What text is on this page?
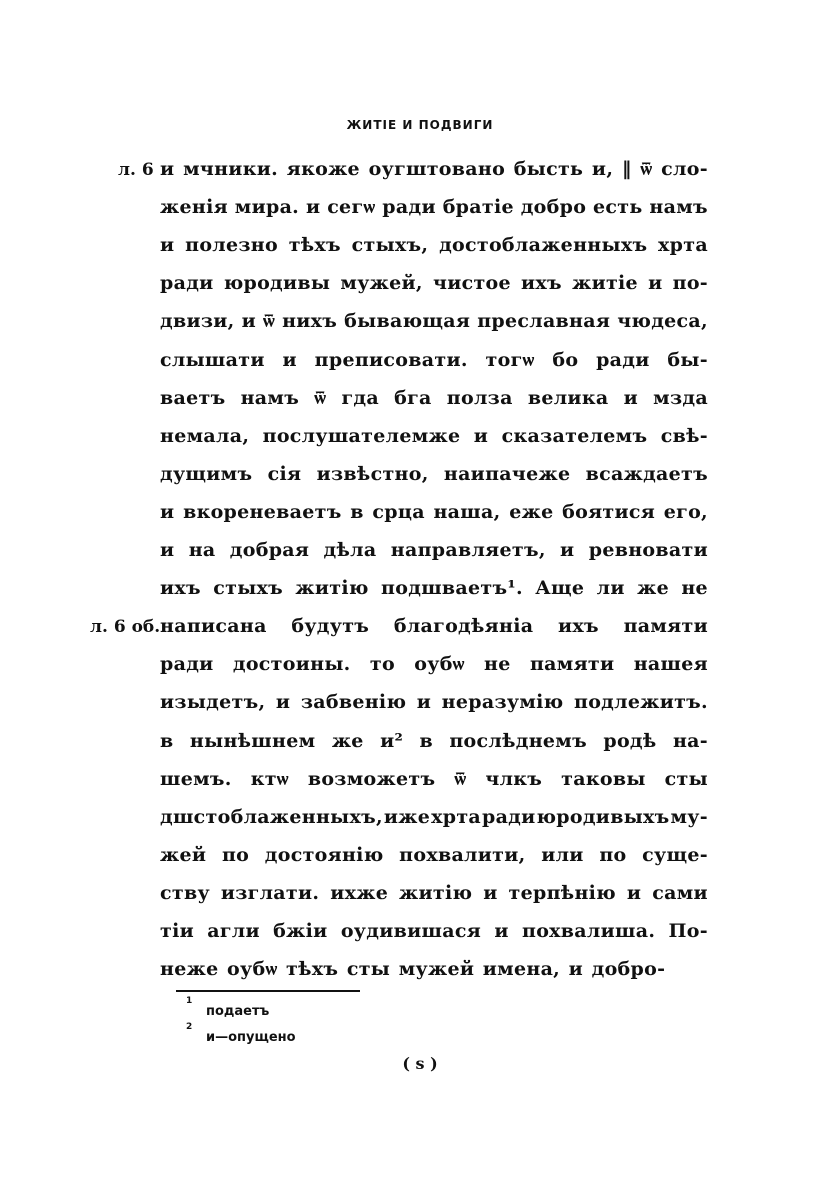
ЖИТІЕ И ПОДВИГИ
л. 6
л. 6 об.
и мчники. якоже оугштовано бысть и, ‖ ѿ сло-
женія мира. и сегѡ ради братіе добро есть намъ
и полезно тѣхъ стыхъ, достоблаженныхъ хрта
ради юродивы мужей, чистое ихъ житіе и по-
двизи, и ѿ нихъ бывающая преславная чюдеса,
слышати и преписовати. тогѡ бо ради бы-
ваетъ намъ ѿ гда бга полза велика и мзда
немала, послушателемже и сказателемъ свѣ-
дущимъ сія извѣстно, наипачеже всаждаетъ
и вкореневаетъ в срца наша, еже боятися его,
и на добрая дѣла направляетъ, и ревновати
ихъ стыхъ житію подшваетъ¹. Аще ли же не
написана будутъ благодѣяніа ихъ памяти
ради достоины. то оубѡ не памяти нашея
изыдетъ, и забвенію и неразумію подлежитъ.
в нынѣшнем же и² в послѣднемъ родѣ на-
шемъ. ктѡ возможетъ ѿ члкъ таковы сты
дшстоблаженныхъ, иже хрта ради юродивыхъ му-
жей по достоянію похвалити, или по суще-
ству изглати. ихже житію и терпѣнію и сами
тіи агли бжіи оудивишася и похвалиша. По-
неже оубѡ тѣхъ сты мужей имена, и добро-
1
подаетъ
2
и—опущено
( ѕ )
